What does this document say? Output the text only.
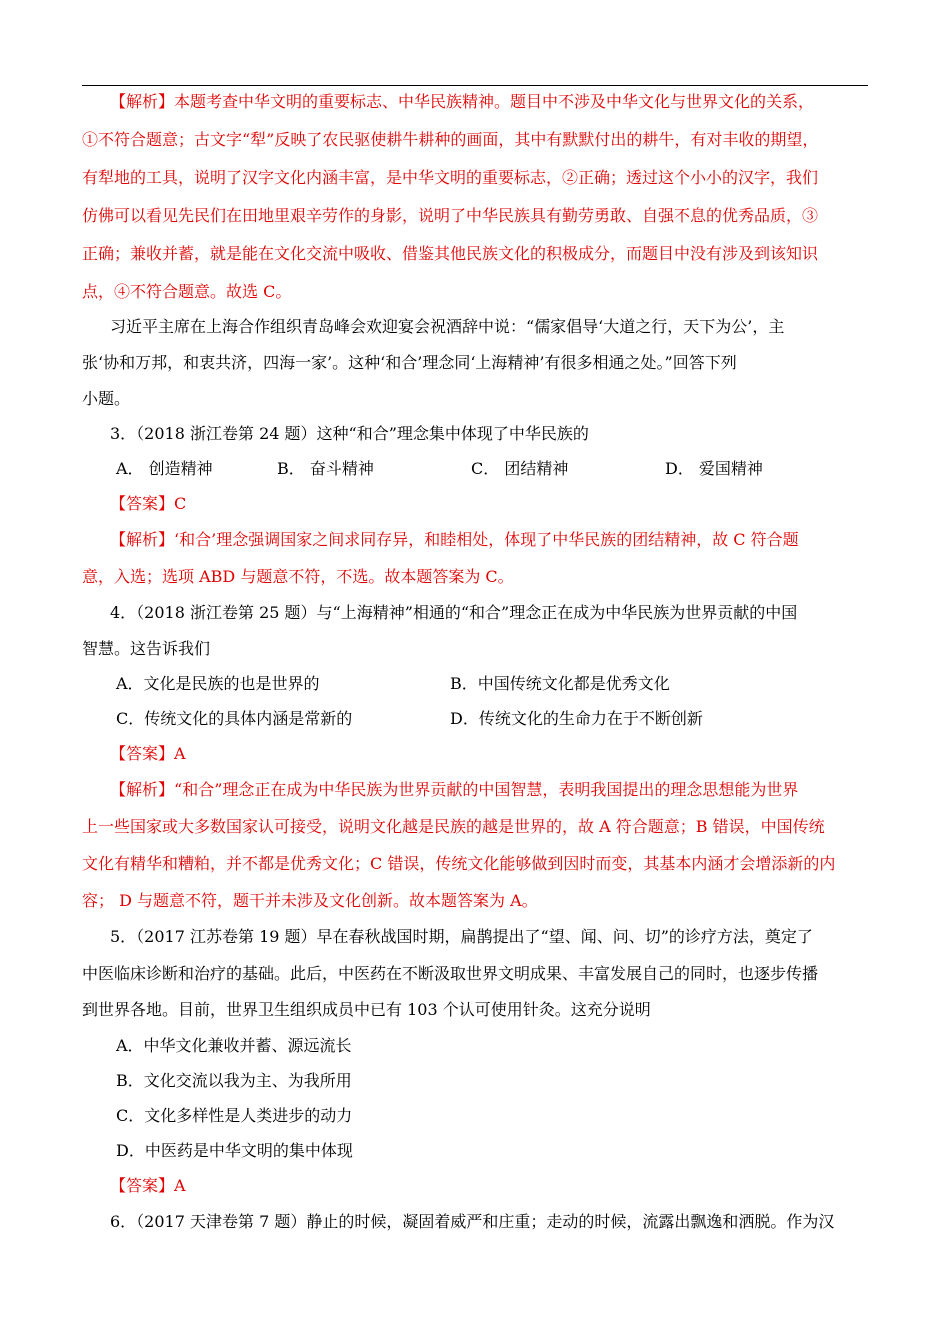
【解析】本题考查中华文明的重要标志、中华民族精神。题目中不涉及中华文化与世界文化的关系，
①不符合题意；古文字“犁”反映了农民驱使耕牛耕种的画面，其中有默默付出的耕牛，有对丰收的期望，
有犁地的工具，说明了汉字文化内涵丰富，是中华文明的重要标志，②正确；透过这个小小的汉字，我们
仿佛可以看见先民们在田地里艰辛劳作的身影，说明了中华民族具有勤劳勇敢、自强不息的优秀品质，③
正确；兼收并蓄，就是能在文化交流中吸收、借鉴其他民族文化的积极成分，而题目中没有涉及到该知识
点，④不符合题意。故选 C。
习近平主席在上海合作组织青岛峰会欢迎宴会祝酒辞中说：“儒家倡导‘大道之行，天下为公’，主
张‘协和万邦，和衷共济，四海一家’。这种‘和合’理念同‘上海精神’有很多相通之处。”回答下列
小题。
3．（2018 浙江卷第 24 题）这种“和合”理念集中体现了中华民族的
A． 创造精神	B． 奋斗精神	C． 团结精神	D． 爱国精神
【答案】C
【解析】‘和合’理念强调国家之间求同存异，和睦相处，体现了中华民族的团结精神，故 C 符合题
意，入选；选项 ABD 与题意不符，不选。故本题答案为 C。
4．（2018 浙江卷第 25 题）与“上海精神”相通的“和合”理念正在成为中华民族为世界贡献的中国
智慧。这告诉我们
A．文化是民族的也是世界的	B．中国传统文化都是优秀文化
C．传统文化的具体内涵是常新的	D．传统文化的生命力在于不断创新
【答案】A
【解析】“和合”理念正在成为中华民族为世界贡献的中国智慧，表明我国提出的理念思想能为世界
上一些国家或大多数国家认可接受，说明文化越是民族的越是世界的，故 A 符合题意；B 错误，中国传统
文化有精华和糟粕，并不都是优秀文化；C 错误，传统文化能够做到因时而变，其基本内涵才会增添新的内
容； D 与题意不符，题干并未涉及文化创新。故本题答案为 A。
5．（2017 江苏卷第 19 题）早在春秋战国时期，扁鹊提出了“望、闻、问、切”的诊疗方法，奠定了
中医临床诊断和治疗的基础。此后，中医药在不断汲取世界文明成果、丰富发展自己的同时，也逐步传播
到世界各地。目前，世界卫生组织成员中已有 103 个认可使用针灸。这充分说明
A．中华文化兼收并蓄、源远流长
B．文化交流以我为主、为我所用
C．文化多样性是人类进步的动力
D．中医药是中华文明的集中体现
【答案】A
6．（2017 天津卷第 7 题）静止的时候，凝固着威严和庄重；走动的时候，流露出飘逸和洒脱。作为汉
